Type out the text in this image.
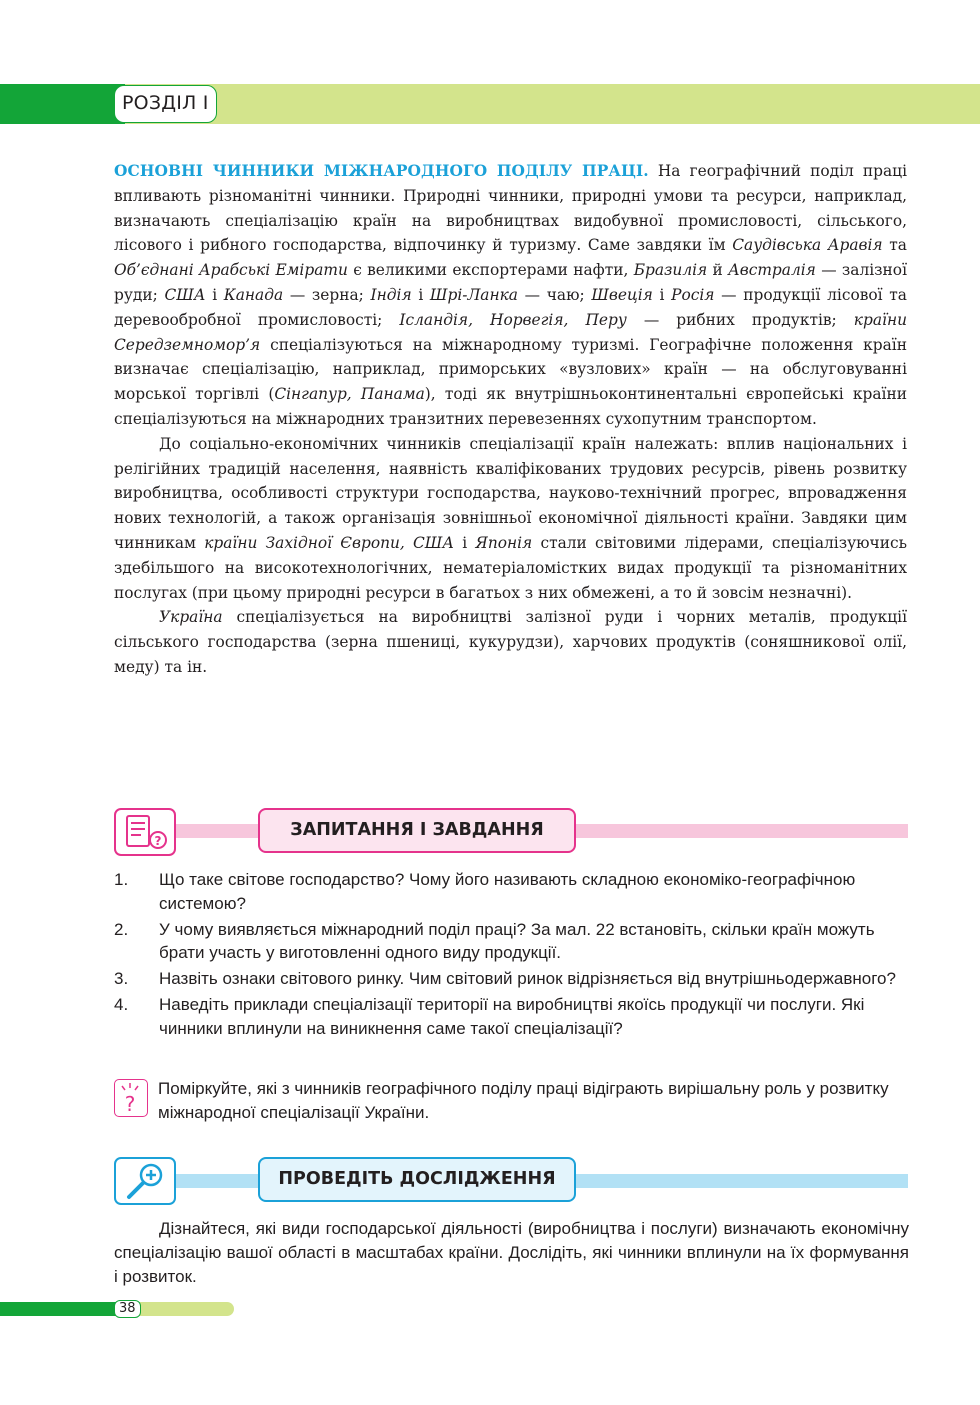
РОЗДІЛ І

ОСНОВНІ ЧИННИКИ МІЖНАРОДНОГО ПОДІЛУ ПРАЦІ. На географічний поділ праці впливають різноманітні чинники. Природні чинники, природні умови та ресурси, наприклад, визначають спеціалізацію країн на виробництвах видобувної промисловості, сільського, лісового і рибного господарства, відпочинку й туризму. Саме завдяки їм Саудівська Аравія та Об’єднані Арабські Емірати є великими експортерами нафти, Бразилія й Австралія — залізної руди; США і Канада — зерна; Індія і Шрі-Ланка — чаю; Швеція і Росія — продукції лісової та деревообробної промисловості; Ісландія, Норвегія, Перу — рибних продуктів; країни Середземномор’я спеціалізуються на міжнародному туризмі. Географічне положення країн визначає спеціалізацію, наприклад, приморських «вузлових» країн — на обслуговуванні морської торгівлі (Сінгапур, Панама), тоді як внутрішньоконтинентальні європейські країни спеціалізуються на міжнародних транзитних перевезеннях сухопутним транспортом.

До соціально-економічних чинників спеціалізації країн належать: вплив національних і релігійних традицій населення, наявність кваліфікованих трудових ресурсів, рівень розвитку виробництва, особливості структури господарства, науково-технічний прогрес, впровадження нових технологій, а також організація зовнішньої економічної діяльності країни. Завдяки цим чинникам країни Західної Європи, США і Японія стали світовими лідерами, спеціалізуючись здебільшого на високотехнологічних, нематеріаломістких видах продукції та різноманітних послугах (при цьому природні ресурси в багатьох з них обмежені, а то й зовсім незначні).

Україна спеціалізується на виробництві залізної руди і чорних металів, продукції сільського господарства (зерна пшениці, кукурудзи), харчових продуктів (соняшникової олії, меду) та ін.

?
ЗАПИТАННЯ І ЗАВДАННЯ
1. Що таке світове господарство? Чому його називають складною економіко-географічною системою?
2. У чому виявляється міжнародний поділ праці? За мал. 22 встановіть, скільки країн можуть брати участь у виготовленні одного виду продукції.
3. Назвіть ознаки світового ринку. Чим світовий ринок відрізняється від внутрішньодержавного?
4. Наведіть приклади спеціалізації території на виробництві якоїсь продукції чи послуги. Які чинники вплинули на виникнення саме такої спеціалізації?
?
Поміркуйте, які з чинників географічного поділу праці відіграють вирішальну роль у розвитку міжнародної спеціалізації України.
ПРОВЕДІТЬ ДОСЛІДЖЕННЯ

Дізнайтеся, які види господарської діяльності (виробництва і послуги) визначають економічну спеціалізацію вашої області в масштабах країни. Дослідіть, які чинники вплинули на їх формування і розвиток.

38
